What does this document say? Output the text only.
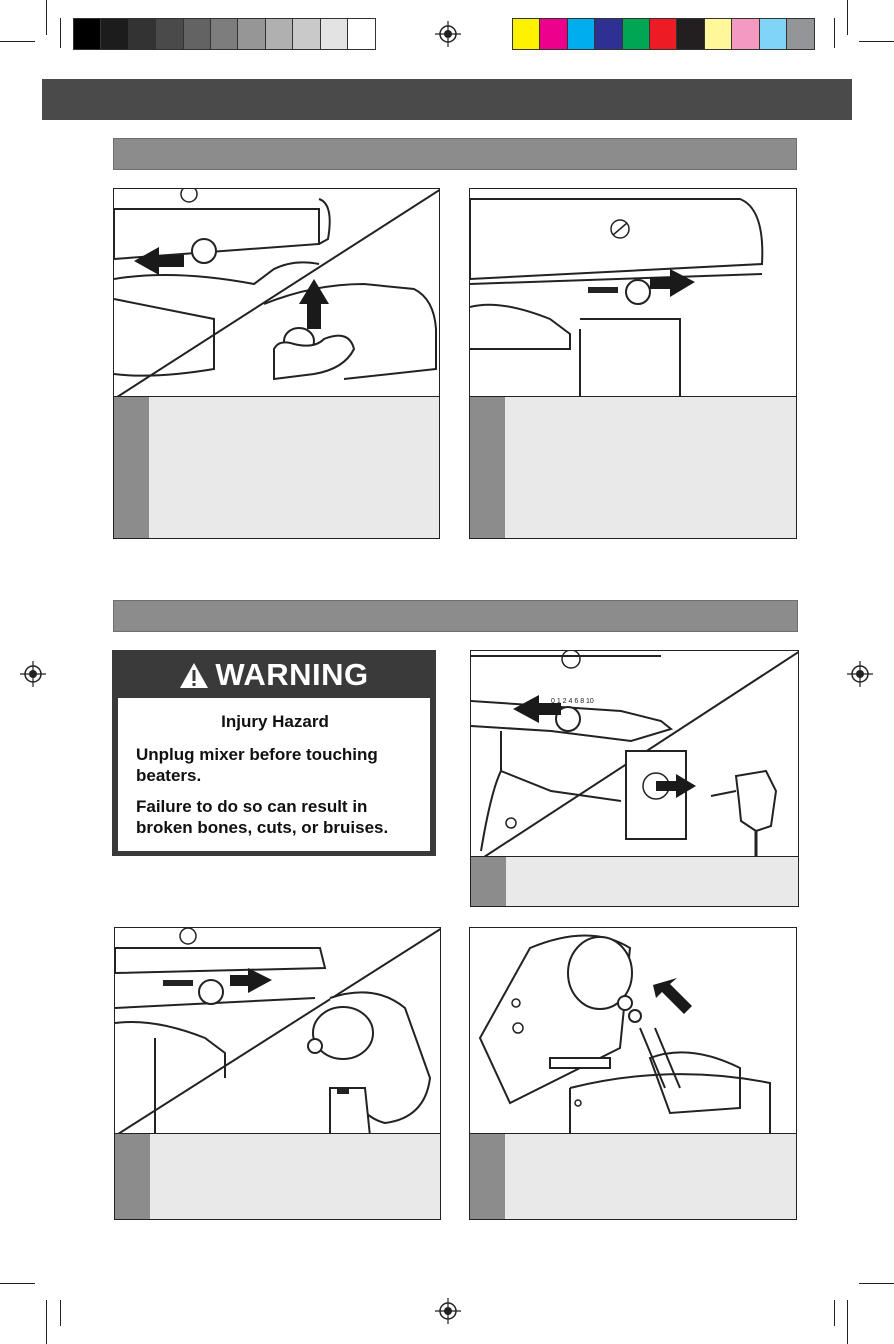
WARNING
Injury Hazard

Unplug mixer before touching beaters.

Failure to do so can result in broken bones, cuts, or bruises.

0 1 2 4 6 8 10
